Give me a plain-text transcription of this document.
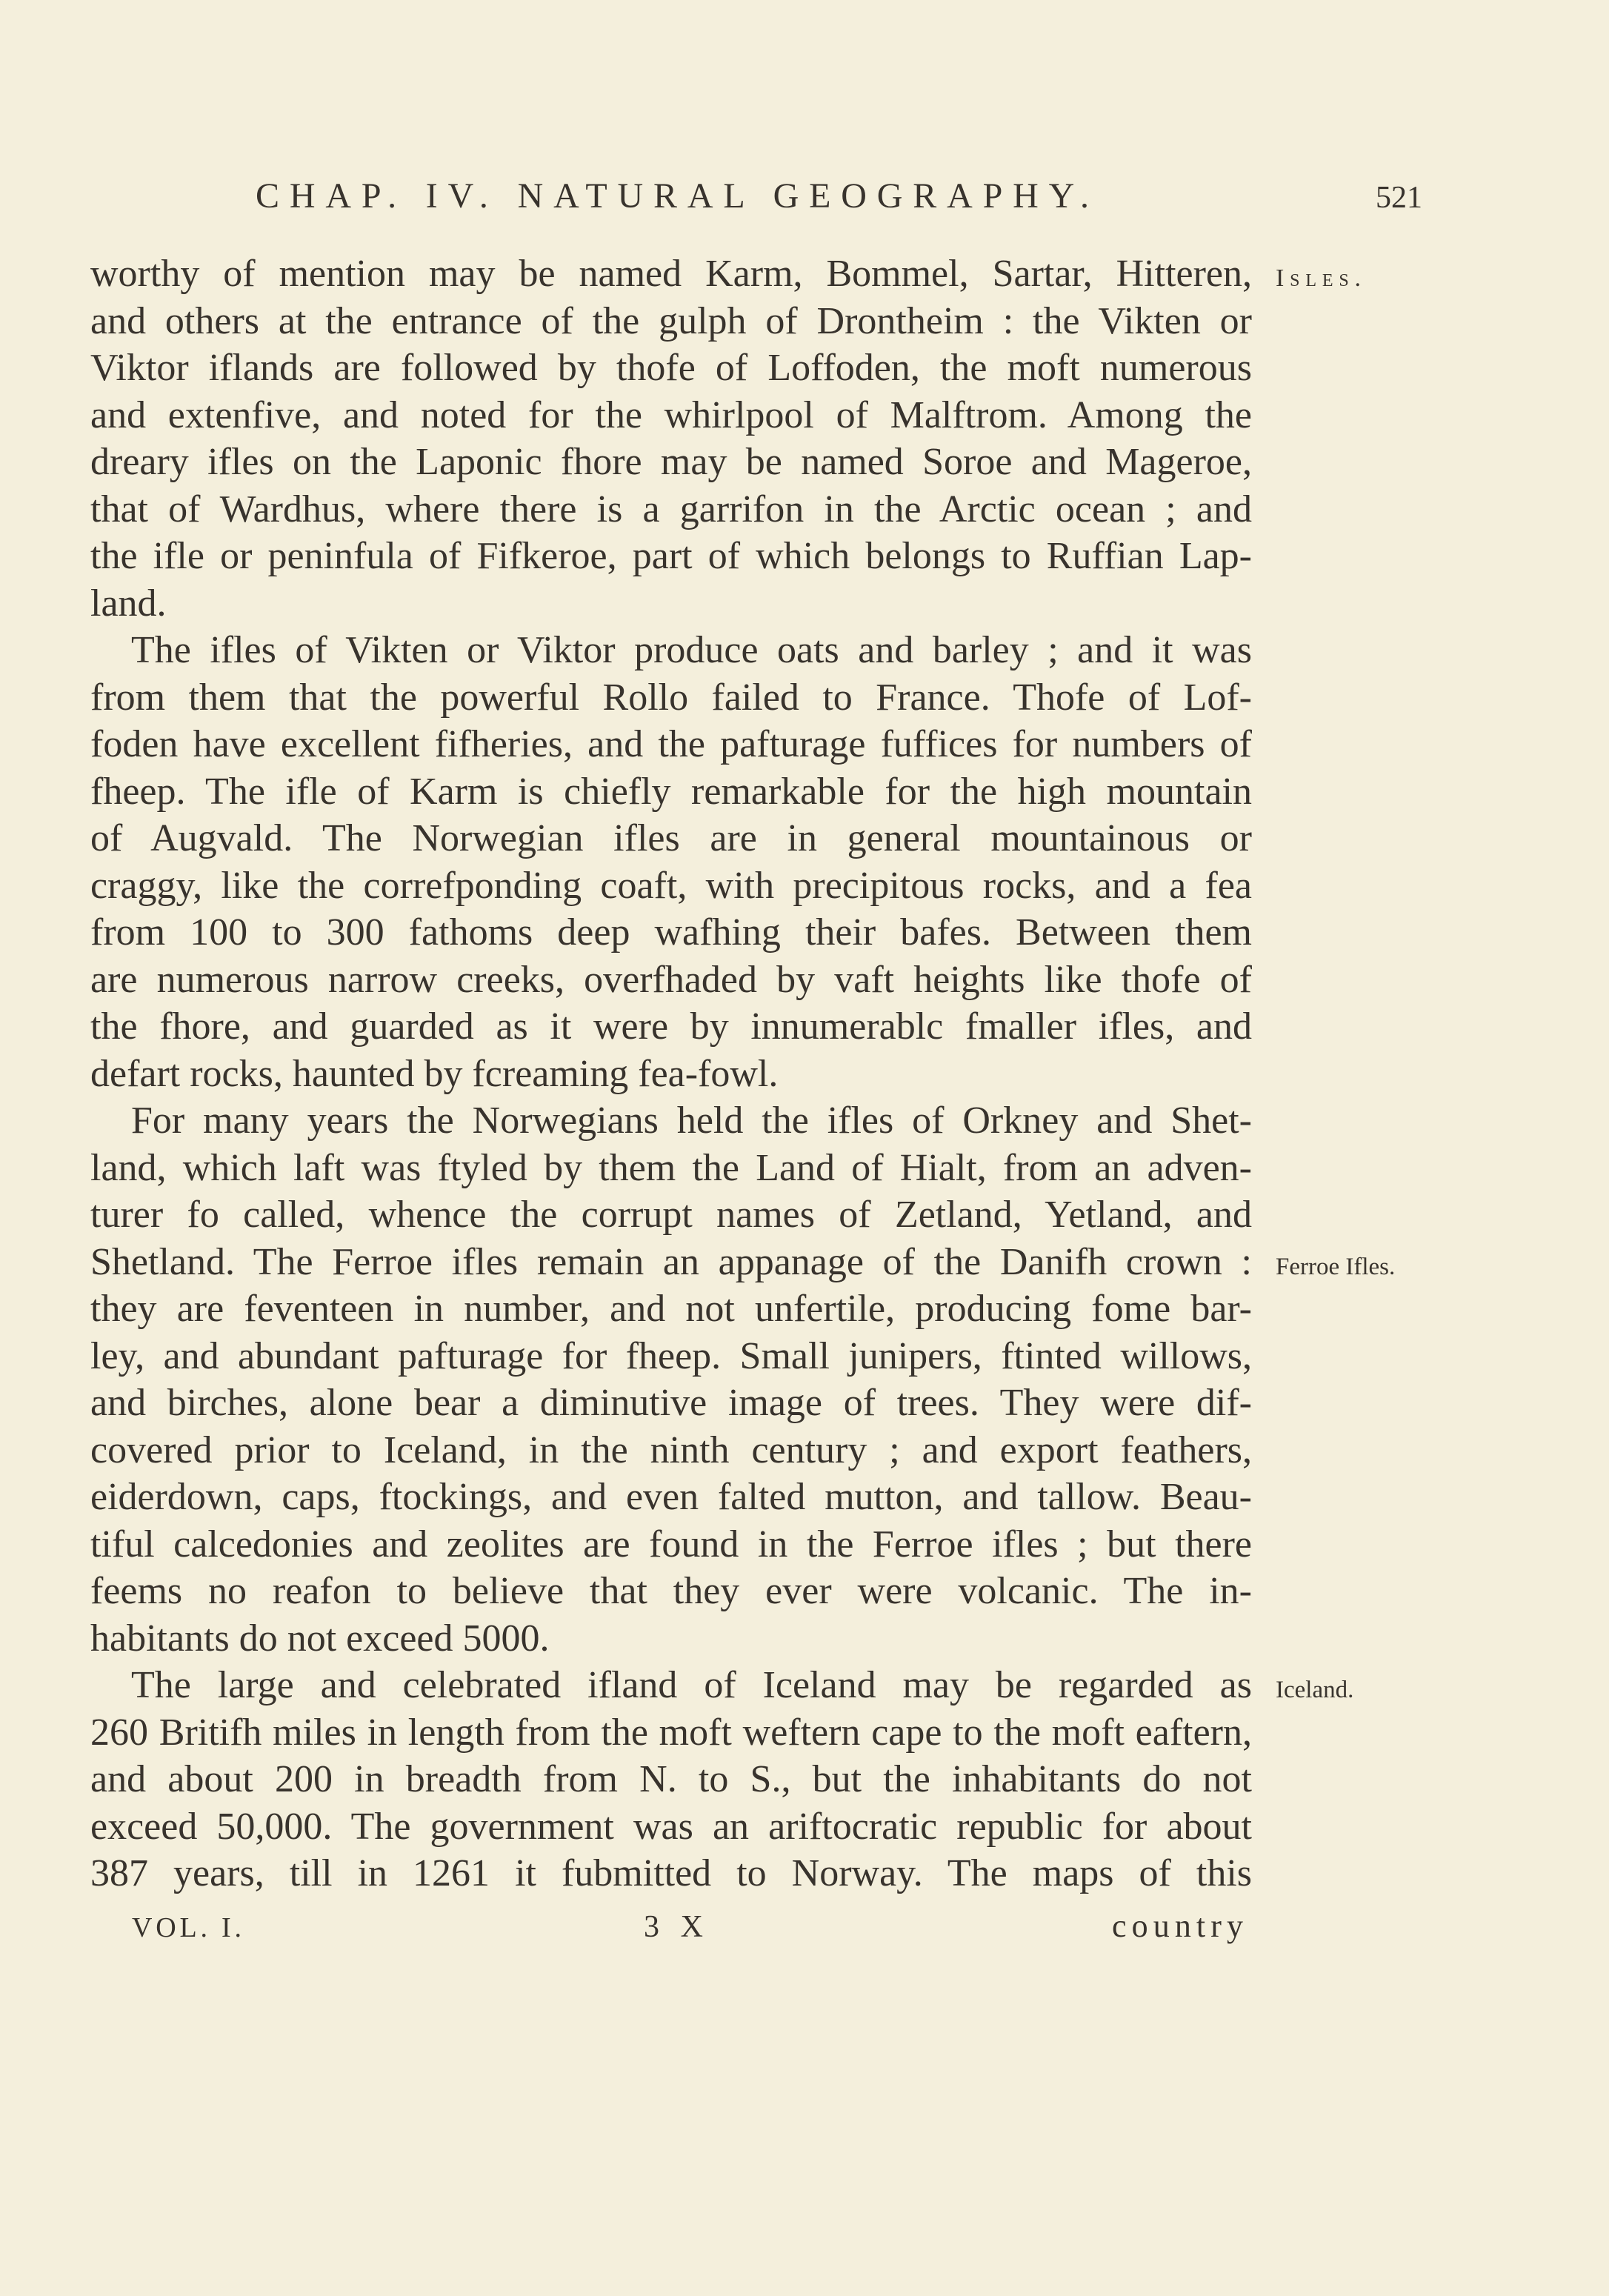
CHAP. IV. NATURAL GEOGRAPHY.	521
worthy of mention may be named Karm, Bommel, Sartar, Hitteren,
and others at the entrance of the gulph of Drontheim : the Vikten or
Viktor iflands are followed by thofe of Loffoden, the moft numerous
and extenfive, and noted for the whirlpool of Malftrom. Among the
dreary ifles on the Laponic fhore may be named Soroe and Mageroe,
that of Wardhus, where there is a garrifon in the Arctic ocean ; and
the ifle or peninfula of Fifkeroe, part of which belongs to Ruffian Lap-
land.
The ifles of Vikten or Viktor produce oats and barley ; and it was
from them that the powerful Rollo failed to France. Thofe of Lof-
foden have excellent fifheries, and the pafturage fuffices for numbers of
fheep. The ifle of Karm is chiefly remarkable for the high mountain
of Augvald. The Norwegian ifles are in general mountainous or
craggy, like the correfponding coaft, with precipitous rocks, and a fea
from 100 to 300 fathoms deep wafhing their bafes. Between them
are numerous narrow creeks, overfhaded by vaft heights like thofe of
the fhore, and guarded as it were by innumerablc fmaller ifles, and
defart rocks, haunted by fcreaming fea-fowl.
For many years the Norwegians held the ifles of Orkney and Shet-
land, which laft was ftyled by them the Land of Hialt, from an adven-
turer fo called, whence the corrupt names of Zetland, Yetland, and
Shetland. The Ferroe ifles remain an appanage of the Danifh crown :
they are feventeen in number, and not unfertile, producing fome bar-
ley, and abundant pafturage for fheep. Small junipers, ftinted willows,
and birches, alone bear a diminutive image of trees. They were dif-
covered prior to Iceland, in the ninth century ; and export feathers,
eiderdown, caps, ftockings, and even falted mutton, and tallow. Beau-
tiful calcedonies and zeolites are found in the Ferroe ifles ; but there
feems no reafon to believe that they ever were volcanic. The in-
habitants do not exceed 5000.
The large and celebrated ifland of Iceland may be regarded as
260 Britifh miles in length from the moft weftern cape to the moft eaftern,
and about 200 in breadth from N. to S., but the inhabitants do not
exceed 50,000. The government was an ariftocratic republic for about
387 years, till in 1261 it fubmitted to Norway. The maps of this
Isles.
Ferroe Ifles.
Iceland.
VOL. I.	3 X	country
